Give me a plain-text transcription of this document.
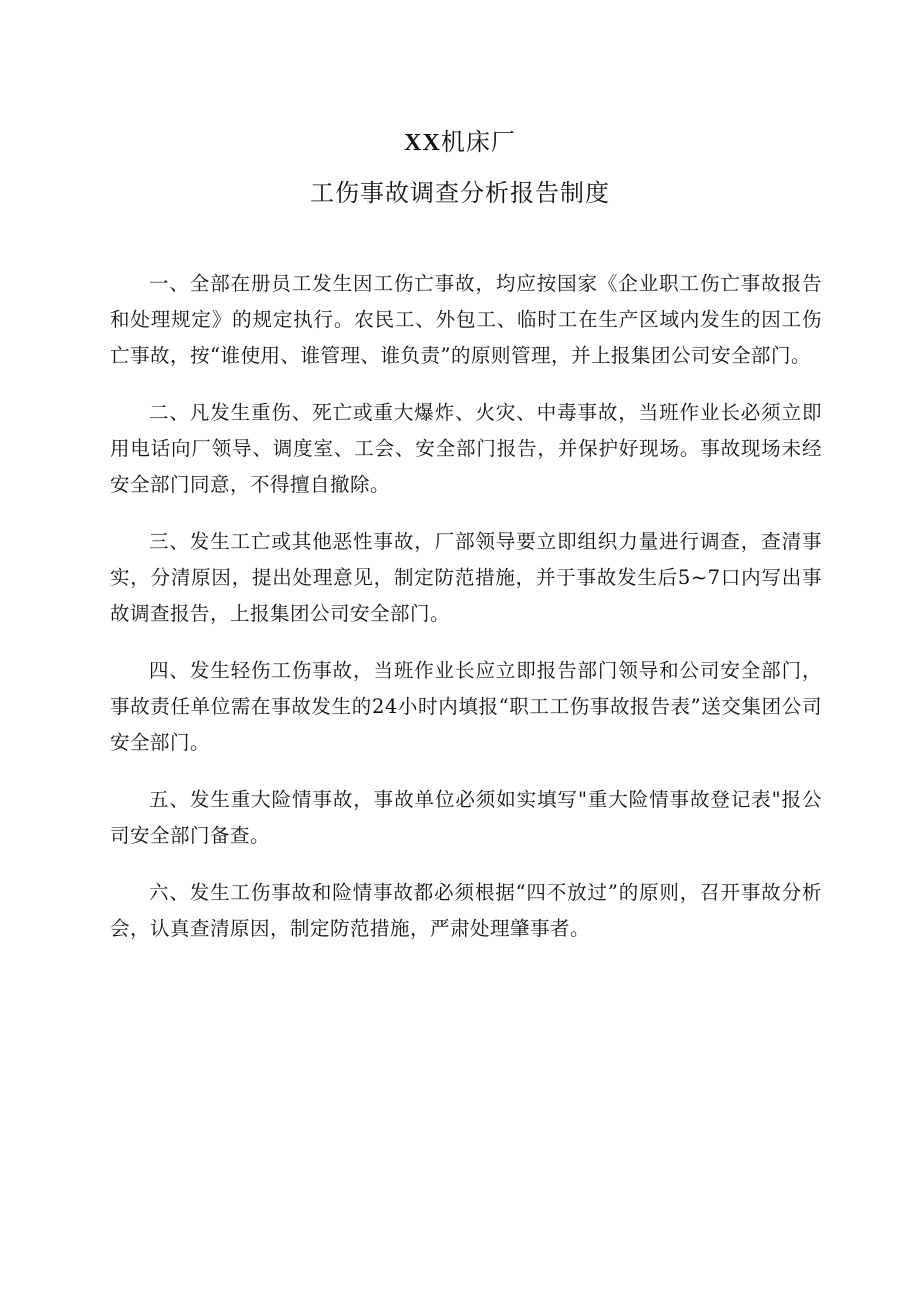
XX机床厂
工伤事故调查分析报告制度

一、全部在册员工发生因工伤亡事故，均应按国家《企业职工伤亡事故报告和处理规定》的规定执行。农民工、外包工、临时工在生产区域内发生的因工伤亡事故，按“谁使用、谁管理、谁负责”的原则管理，并上报集团公司安全部门。

二、凡发生重伤、死亡或重大爆炸、火灾、中毒事故，当班作业长必须立即用电话向厂领导、调度室、工会、安全部门报告，并保护好现场。事故现场未经安全部门同意，不得擅自撤除。

三、发生工亡或其他恶性事故，厂部领导要立即组织力量进行调查，查清事实，分清原因，提出处理意见，制定防范措施，并于事故发生后5~7口内写出事故调查报告，上报集团公司安全部门。

四、发生轻伤工伤事故，当班作业长应立即报告部门领导和公司安全部门，事故责任单位需在事故发生的24小时内填报“职工工伤事故报告表”送交集团公司安全部门。

五、发生重大险情事故，事故单位必须如实填写"重大险情事故登记表"报公司安全部门备查。

六、发生工伤事故和险情事故都必须根据“四不放过”的原则，召开事故分析会，认真查清原因，制定防范措施，严肃处理肇事者。
